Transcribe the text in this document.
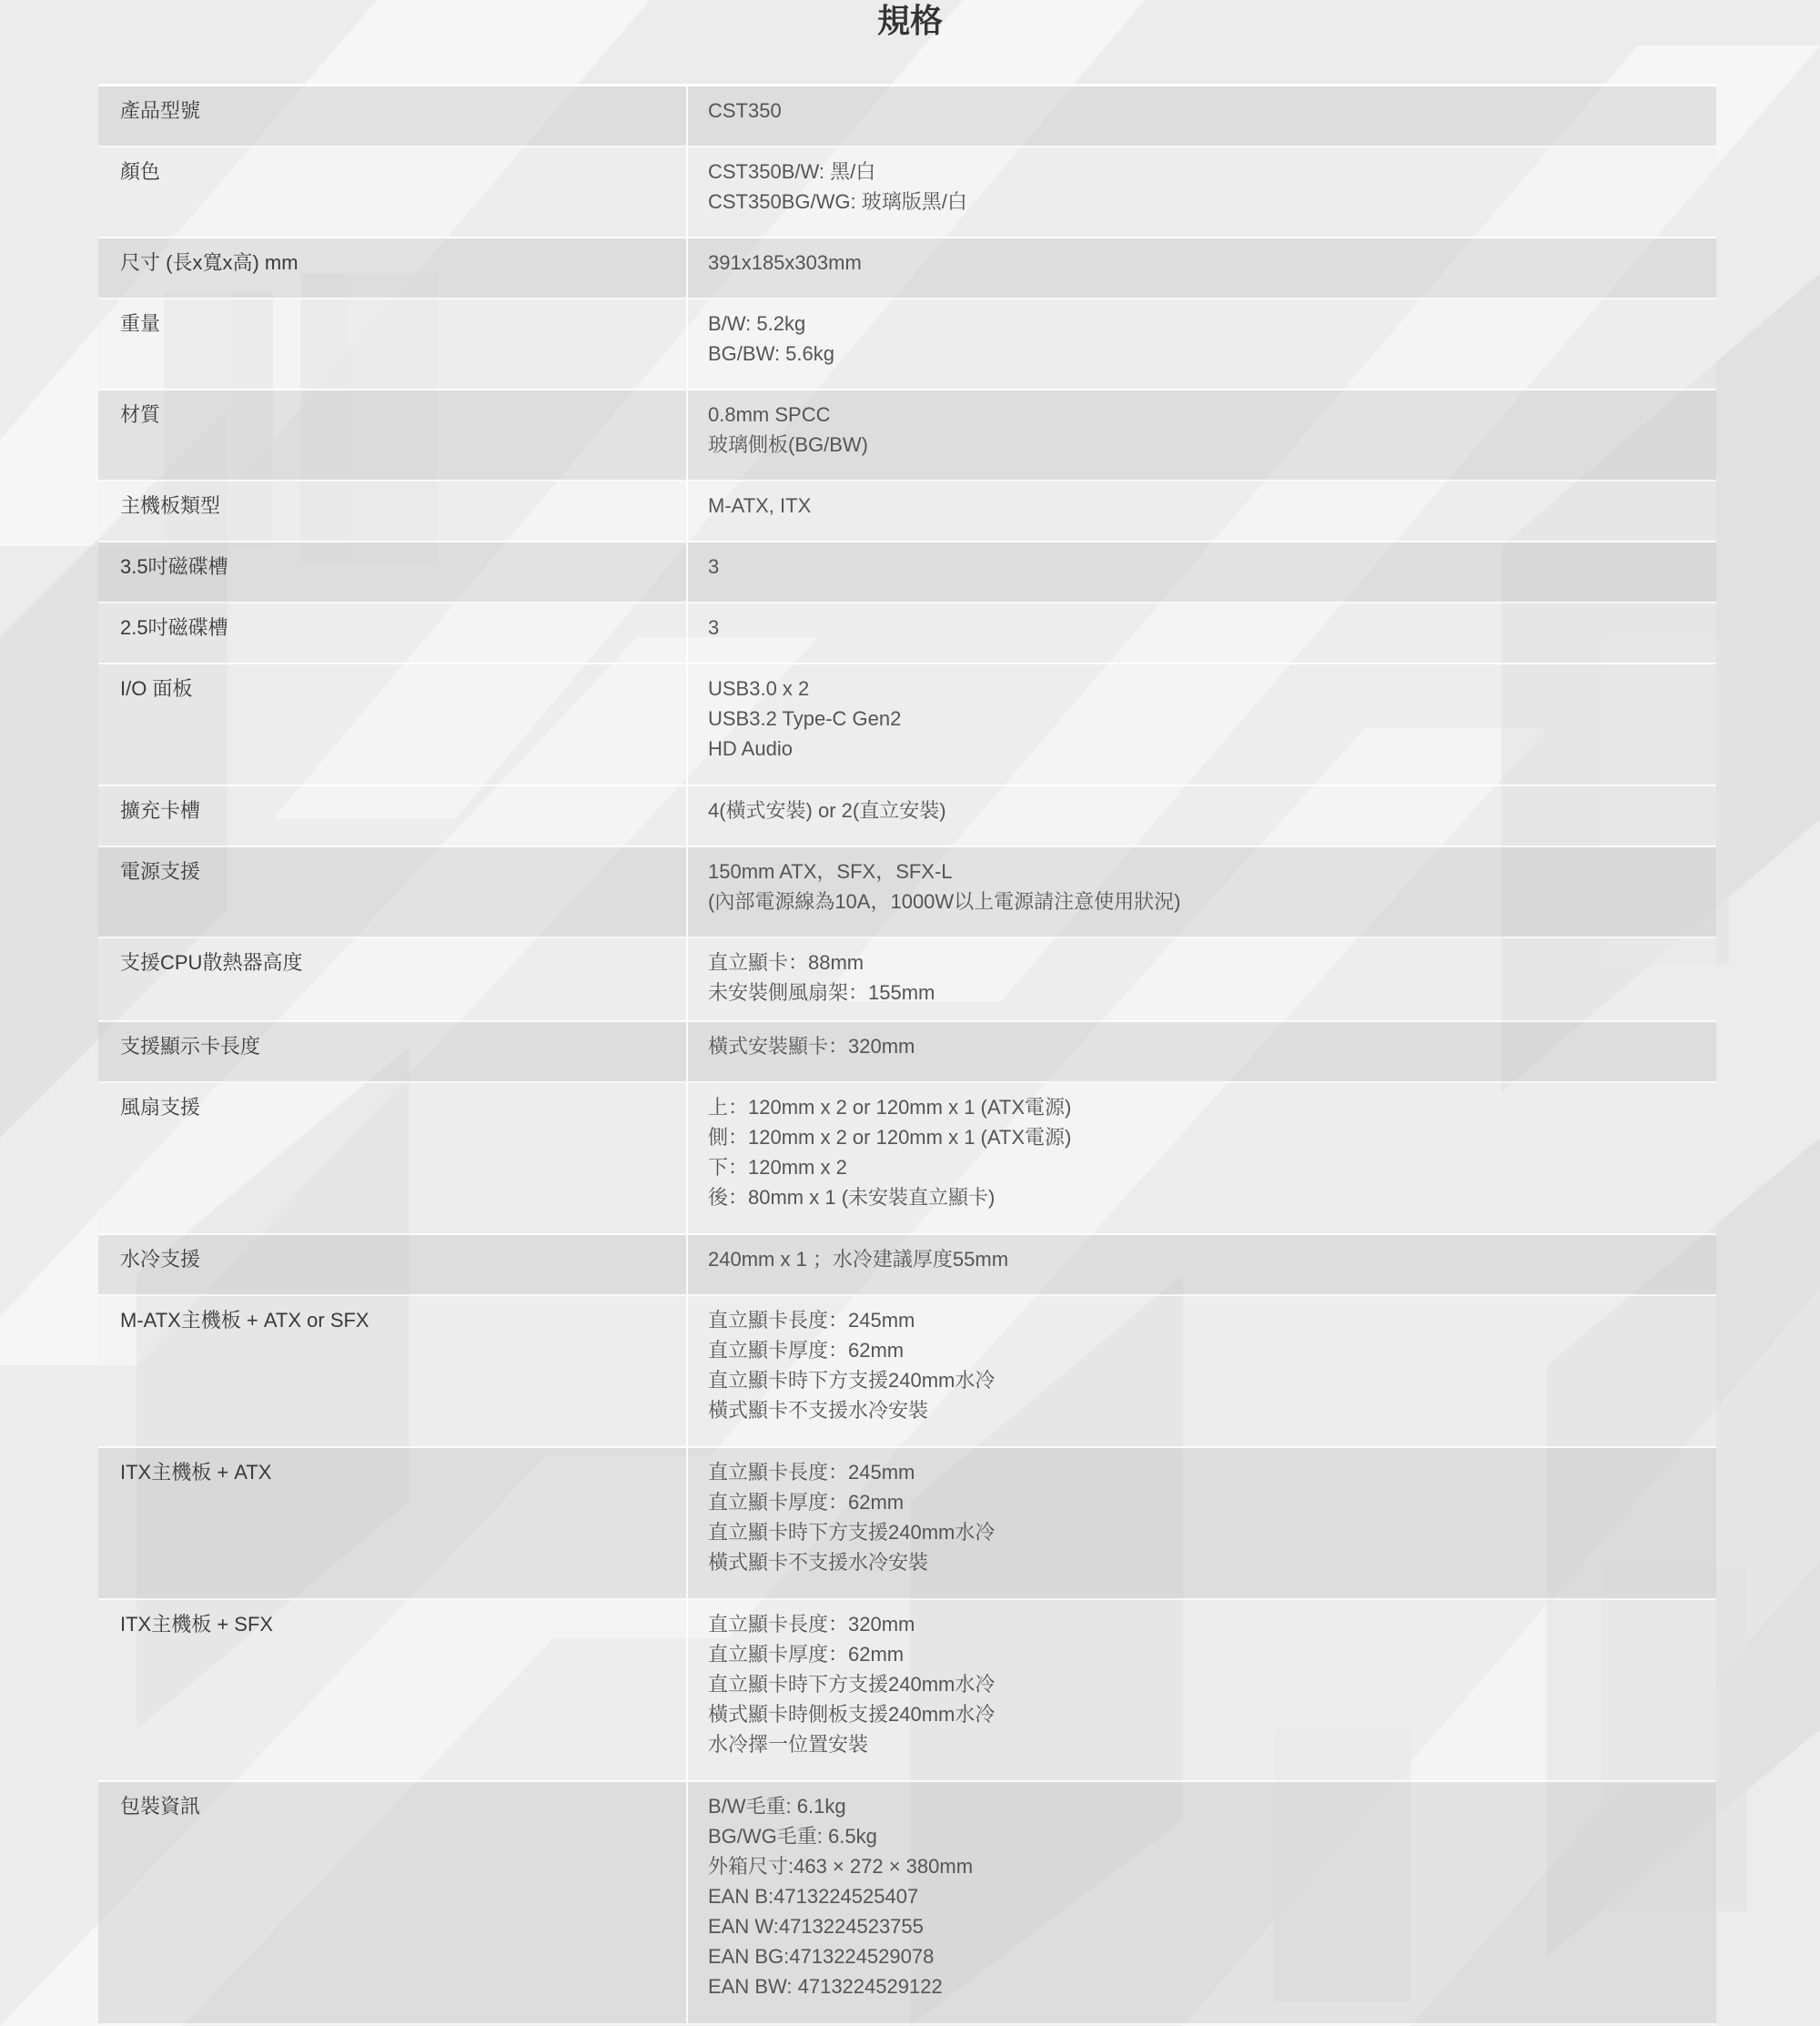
規格
產品型號	CST350
顏色	CST350B/W: 黑/白
CST350BG/WG: 玻璃版黑/白
尺寸 (長x寬x高) mm	391x185x303mm
重量	B/W: 5.2kg
BG/BW: 5.6kg
材質	0.8mm SPCC
玻璃側板(BG/BW)
主機板類型	M-ATX, ITX
3.5吋磁碟槽	3
2.5吋磁碟槽	3
I/O 面板	USB3.0 x 2
USB3.2 Type-C Gen2
HD Audio
擴充卡槽	4(橫式安裝) or 2(直立安裝)
電源支援	150mm ATX，SFX，SFX-L
(內部電源線為10A，1000W以上電源請注意使用狀況)
支援CPU散熱器高度	直立顯卡：88mm
未安裝側風扇架：155mm
支援顯示卡長度	橫式安裝顯卡：320mm
風扇支援	上：120mm x 2 or 120mm x 1 (ATX電源)
側：120mm x 2 or 120mm x 1 (ATX電源)
下：120mm x 2
後：80mm x 1 (未安裝直立顯卡)
水冷支援	240mm x 1 ；水冷建議厚度55mm
M-ATX主機板 + ATX or SFX	直立顯卡長度：245mm
直立顯卡厚度：62mm
直立顯卡時下方支援240mm水冷
橫式顯卡不支援水冷安裝
ITX主機板 + ATX	直立顯卡長度：245mm
直立顯卡厚度：62mm
直立顯卡時下方支援240mm水冷
橫式顯卡不支援水冷安裝
ITX主機板 + SFX	直立顯卡長度：320mm
直立顯卡厚度：62mm
直立顯卡時下方支援240mm水冷
橫式顯卡時側板支援240mm水冷
水冷擇一位置安裝
包裝資訊	B/W毛重: 6.1kg
BG/WG毛重: 6.5kg
外箱尺寸:463 × 272 × 380mm
EAN B:4713224525407
EAN W:4713224523755
EAN BG:4713224529078
EAN BW: 4713224529122
